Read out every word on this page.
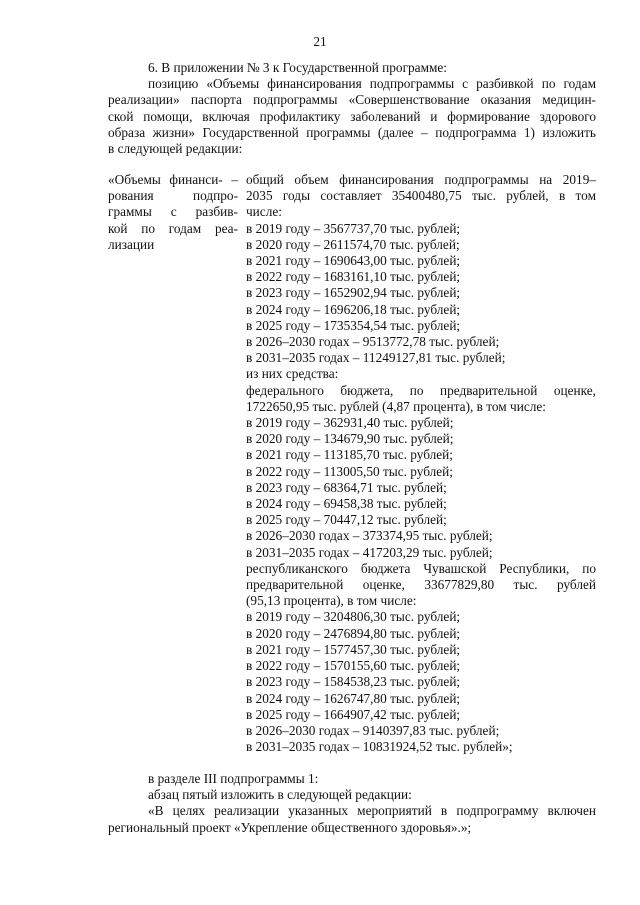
21

6. В приложении № 3 к Государственной программе:

позицию «Объемы финансирования подпрограммы с разбивкой по годам
реализации» паспорта подпрограммы «Совершенствование оказания медицин-
ской помощи, включая профилактику заболеваний и формирование здорового
образа жизни» Государственной программы (далее – подпрограмма 1) изложить
в следующей редакции:

«Объемы финанси- –
рования подпро-
граммы с разбив-
кой по годам реа-
лизации

общий объем финансирования подпрограммы на 2019–
2035 годы составляет 35400480,75 тыс. рублей, в том
числе:

в 2019 году – 3567737,70 тыс. рублей;
в 2020 году – 2611574,70 тыс. рублей;
в 2021 году – 1690643,00 тыс. рублей;
в 2022 году – 1683161,10 тыс. рублей;
в 2023 году – 1652902,94 тыс. рублей;
в 2024 году – 1696206,18 тыс. рублей;
в 2025 году – 1735354,54 тыс. рублей;
в 2026–2030 годах – 9513772,78 тыс. рублей;
в 2031–2035 годах – 11249127,81 тыс. рублей;
из них средства:

федерального бюджета, по предварительной оценке,
1722650,95 тыс. рублей (4,87 процента), в том числе:

в 2019 году – 362931,40 тыс. рублей;
в 2020 году – 134679,90 тыс. рублей;
в 2021 году – 113185,70 тыс. рублей;
в 2022 году – 113005,50 тыс. рублей;
в 2023 году – 68364,71 тыс. рублей;
в 2024 году – 69458,38 тыс. рублей;
в 2025 году – 70447,12 тыс. рублей;
в 2026–2030 годах – 373374,95 тыс. рублей;
в 2031–2035 годах – 417203,29 тыс. рублей;

республиканского бюджета Чувашской Республики, по
предварительной оценке, 33677829,80 тыс. рублей
(95,13 процента), в том числе:

в 2019 году – 3204806,30 тыс. рублей;
в 2020 году – 2476894,80 тыс. рублей;
в 2021 году – 1577457,30 тыс. рублей;
в 2022 году – 1570155,60 тыс. рублей;
в 2023 году – 1584538,23 тыс. рублей;
в 2024 году – 1626747,80 тыс. рублей;
в 2025 году – 1664907,42 тыс. рублей;
в 2026–2030 годах – 9140397,83 тыс. рублей;
в 2031–2035 годах – 10831924,52 тыс. рублей»;

в разделе III подпрограммы 1:

абзац пятый изложить в следующей редакции:

«В целях реализации указанных мероприятий в подпрограмму включен
региональный проект «Укрепление общественного здоровья».»;
